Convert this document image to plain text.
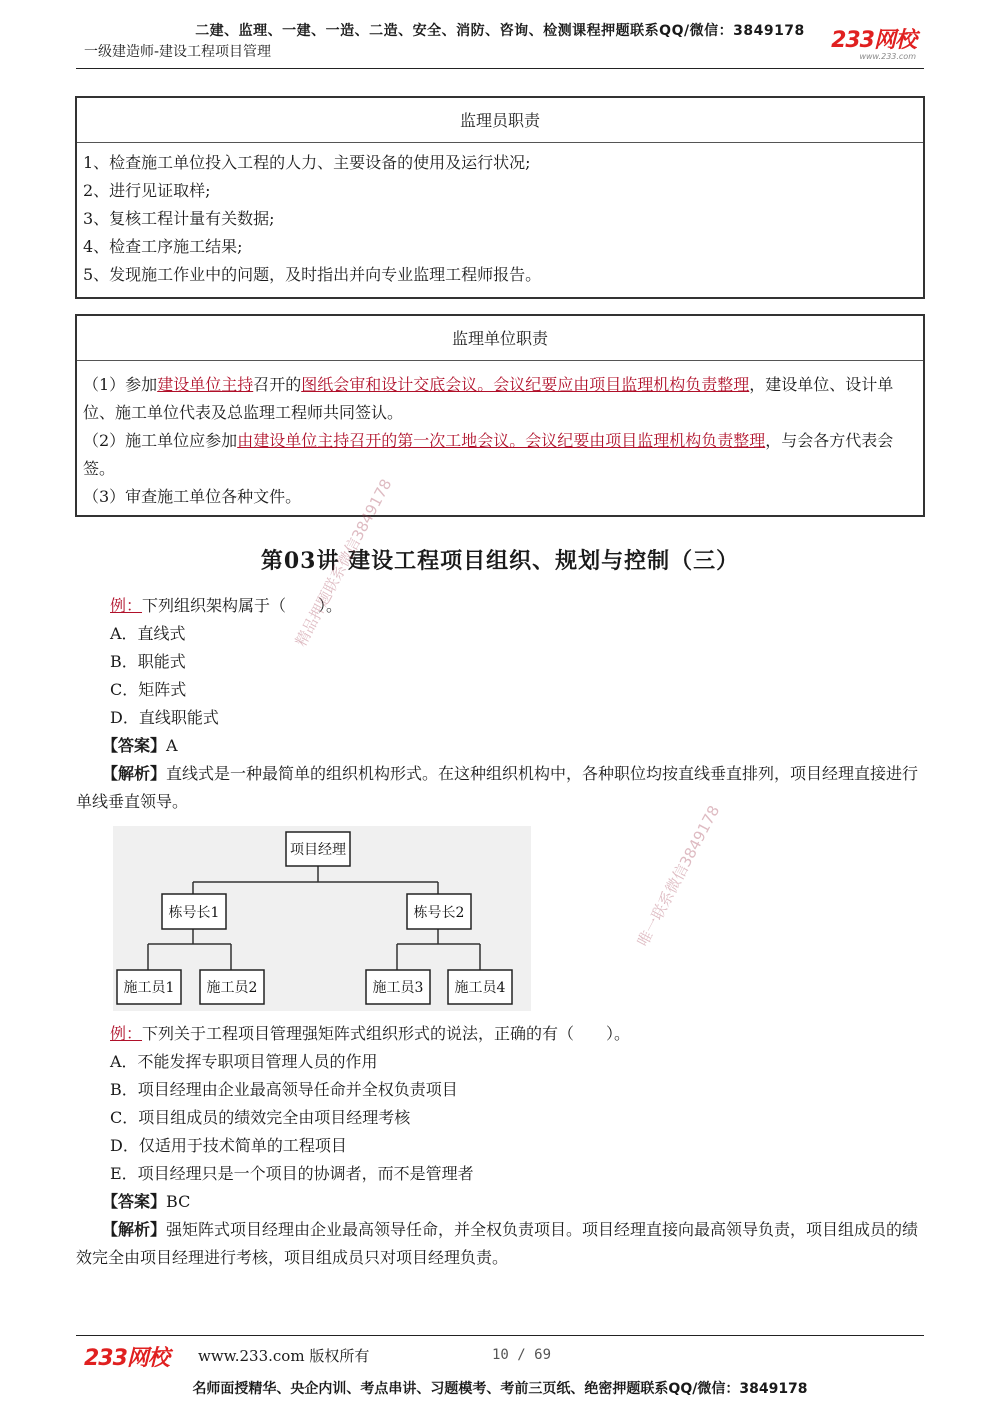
二建、监理、一建、一造、二造、安全、消防、咨询、检测课程押题联系QQ/微信：3849178
一级建造师-建设工程项目管理	233网校
www.233.com
监理员职责
1、检查施工单位投入工程的人力、主要设备的使用及运行状况;
2、进行见证取样;
3、复核工程计量有关数据;
4、检查工序施工结果;
5、发现施工作业中的问题，及时指出并向专业监理工程师报告。
监理单位职责
（1）参加建设单位主持召开的图纸会审和设计交底会议。会议纪要应由项目监理机构负责整理，建设单位、设计单位、施工单位代表及总监理工程师共同签认。
（2）施工单位应参加由建设单位主持召开的第一次工地会议。会议纪要由项目监理机构负责整理，与会各方代表会签。
（3）审查施工单位各种文件。
第03讲 建设工程项目组织、规划与控制（三）
例：下列组织架构属于（　　）。
A．直线式
B．职能式
C．矩阵式
D．直线职能式
【答案】A
【解析】直线式是一种最简单的组织机构形式。在这种组织机构中，各种职位均按直线垂直排列，项目经理直接进行单线垂直领导。
项目经理
栋号长1	栋号长2
施工员1 施工员2	施工员3 施工员4
例：下列关于工程项目管理强矩阵式组织形式的说法，正确的有（　　）。
A．不能发挥专职项目管理人员的作用
B．项目经理由企业最高领导任命并全权负责项目
C．项目组成员的绩效完全由项目经理考核
D．仅适用于技术简单的工程项目
E．项目经理只是一个项目的协调者，而不是管理者
【答案】BC
【解析】强矩阵式项目经理由企业最高领导任命，并全权负责项目。项目经理直接向最高领导负责，项目组成员的绩效完全由项目经理进行考核，项目组成员只对项目经理负责。
精品押题联系微信3849178
唯一联系微信3849178
233网校 www.233.com 版权所有	10 / 69
名师面授精华、央企内训、考点串讲、习题模考、考前三页纸、绝密押题联系QQ/微信：3849178
